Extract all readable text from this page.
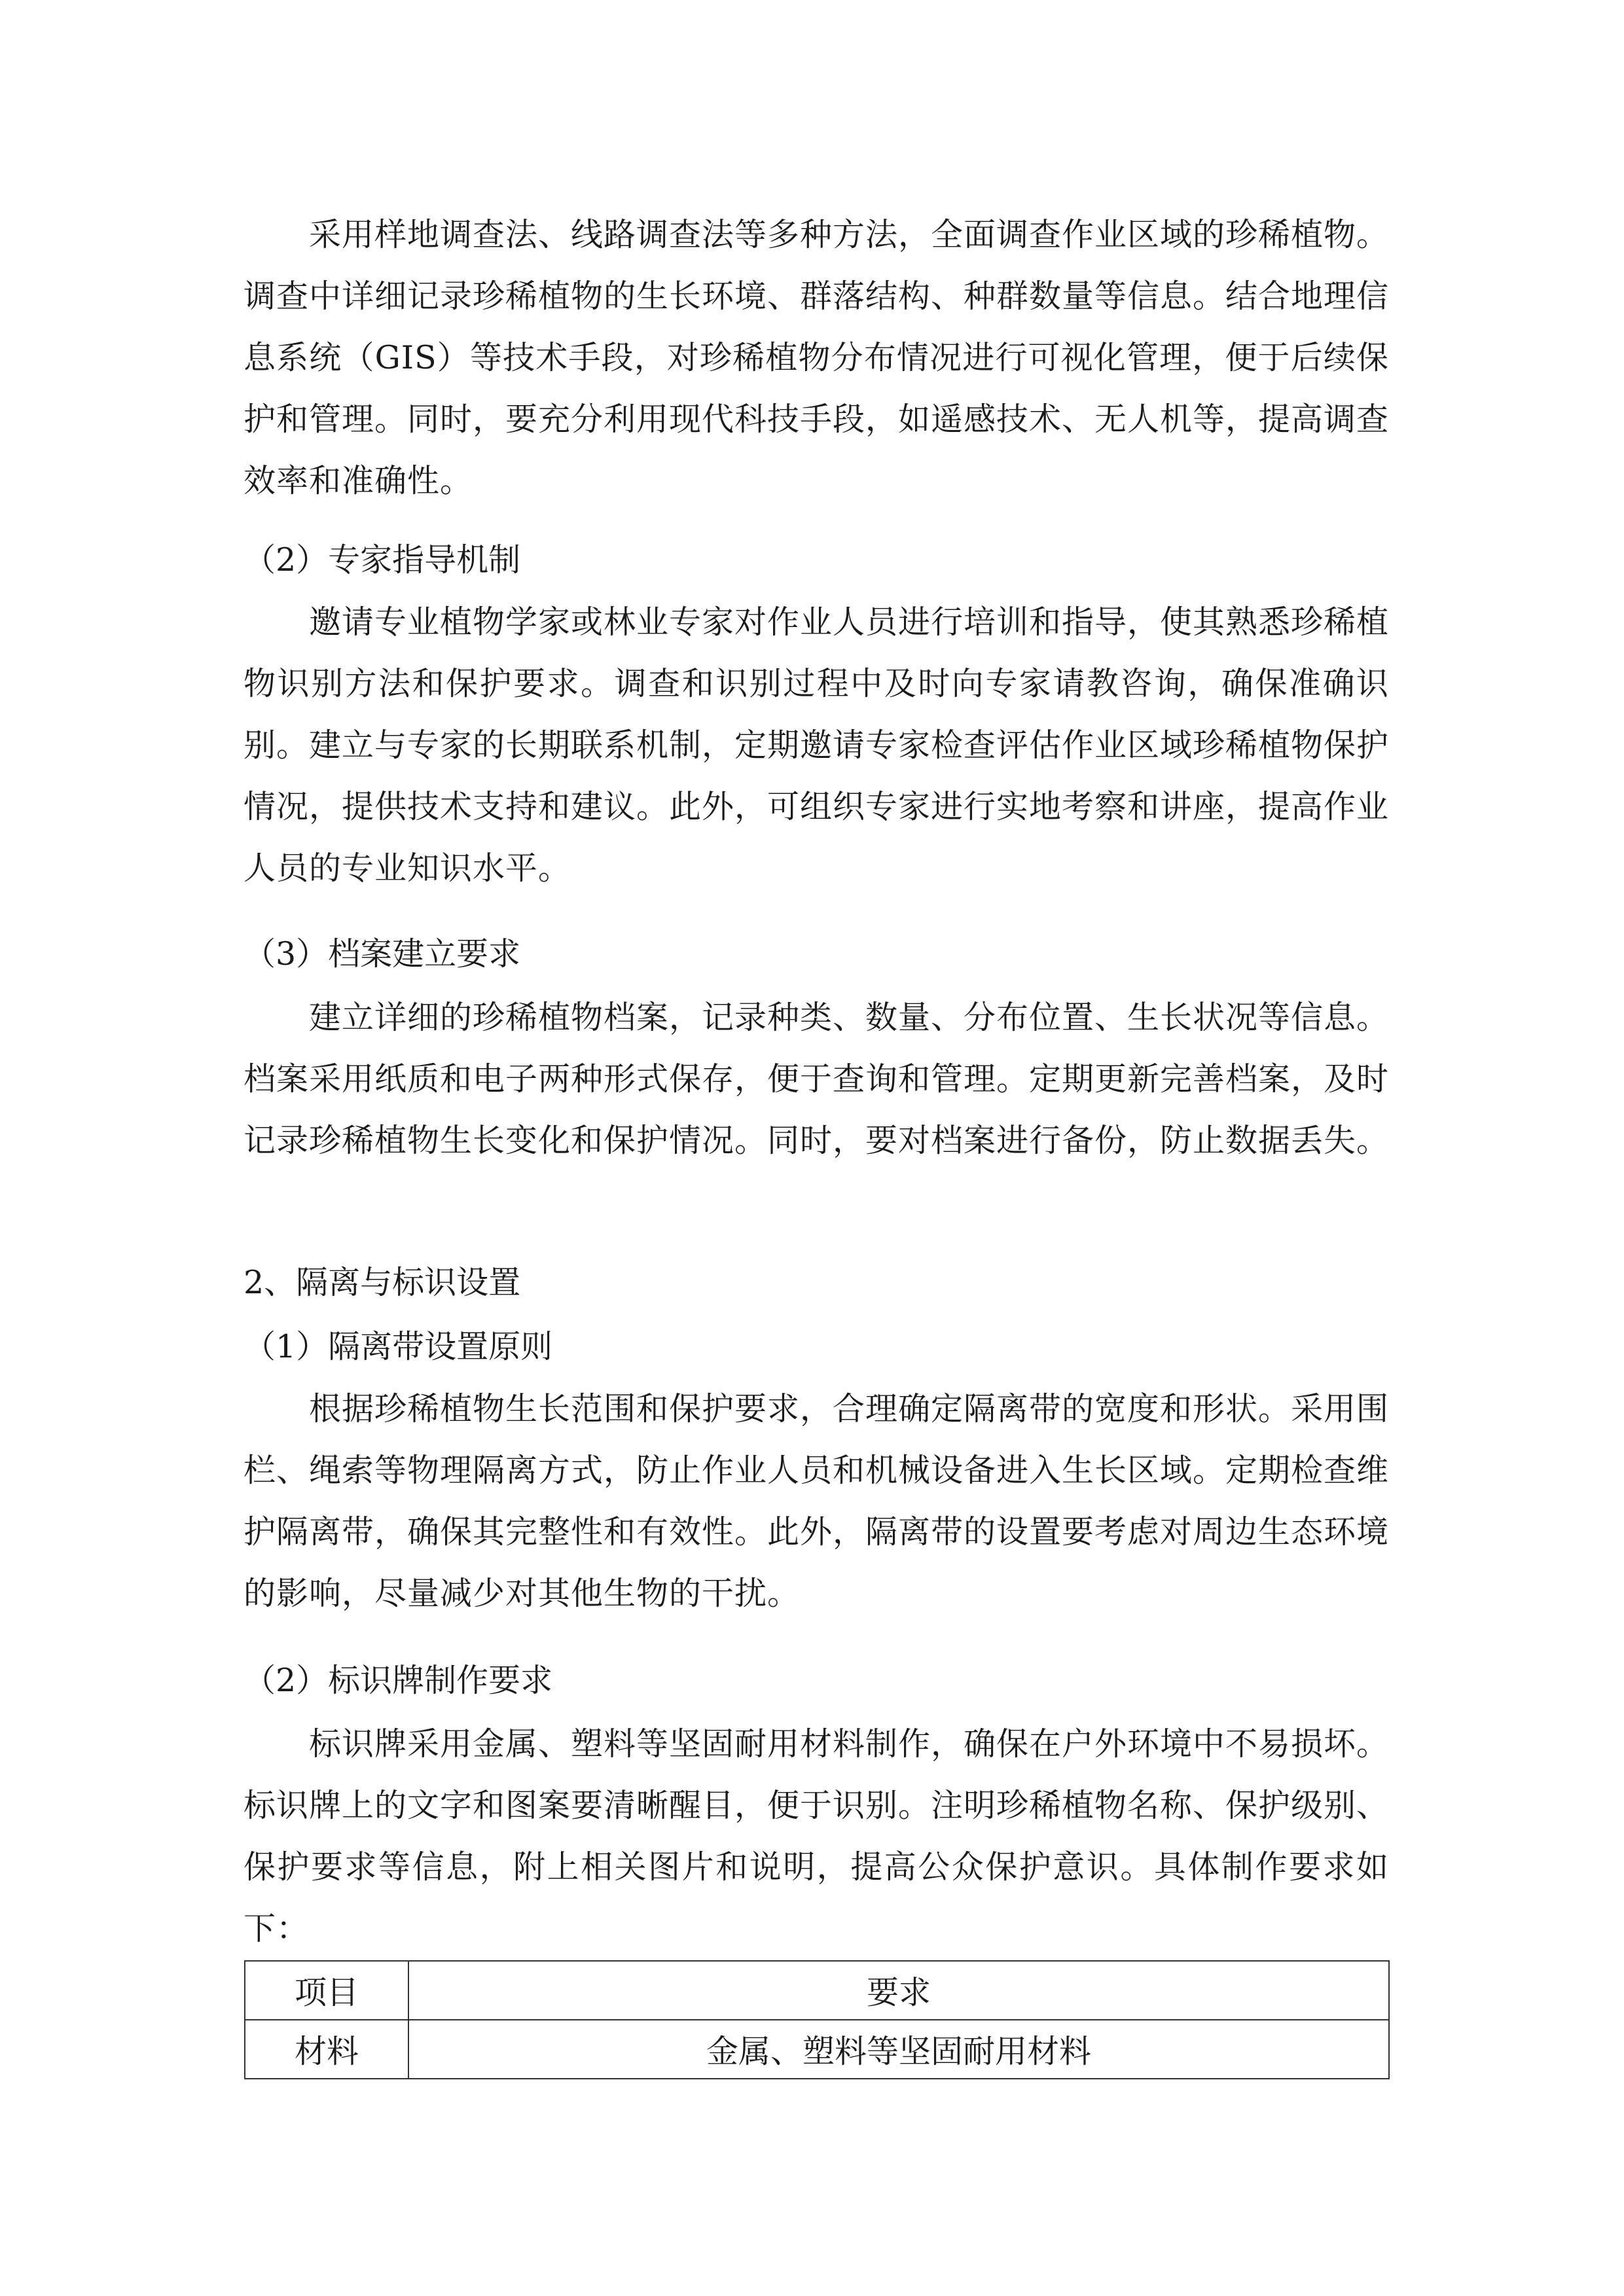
采用样地调查法、线路调查法等多种方法，全面调查作业区域的珍稀植物。调查中详细记录珍稀植物的生长环境、群落结构、种群数量等信息。结合地理信息系统（GIS）等技术手段，对珍稀植物分布情况进行可视化管理，便于后续保护和管理。同时，要充分利用现代科技手段，如遥感技术、无人机等，提高调查效率和准确性。

（2）专家指导机制

邀请专业植物学家或林业专家对作业人员进行培训和指导，使其熟悉珍稀植物识别方法和保护要求。调查和识别过程中及时向专家请教咨询，确保准确识别。建立与专家的长期联系机制，定期邀请专家检查评估作业区域珍稀植物保护情况，提供技术支持和建议。此外，可组织专家进行实地考察和讲座，提高作业人员的专业知识水平。

（3）档案建立要求

建立详细的珍稀植物档案，记录种类、数量、分布位置、生长状况等信息。档案采用纸质和电子两种形式保存，便于查询和管理。定期更新完善档案，及时记录珍稀植物生长变化和保护情况。同时，要对档案进行备份，防止数据丢失。

2、隔离与标识设置
（1）隔离带设置原则

根据珍稀植物生长范围和保护要求，合理确定隔离带的宽度和形状。采用围栏、绳索等物理隔离方式，防止作业人员和机械设备进入生长区域。定期检查维护隔离带，确保其完整性和有效性。此外，隔离带的设置要考虑对周边生态环境的影响，尽量减少对其他生物的干扰。

（2）标识牌制作要求

标识牌采用金属、塑料等坚固耐用材料制作，确保在户外环境中不易损坏。标识牌上的文字和图案要清晰醒目，便于识别。注明珍稀植物名称、保护级别、保护要求等信息，附上相关图片和说明，提高公众保护意识。具体制作要求如下：

项目	要求
材料	金属、塑料等坚固耐用材料
